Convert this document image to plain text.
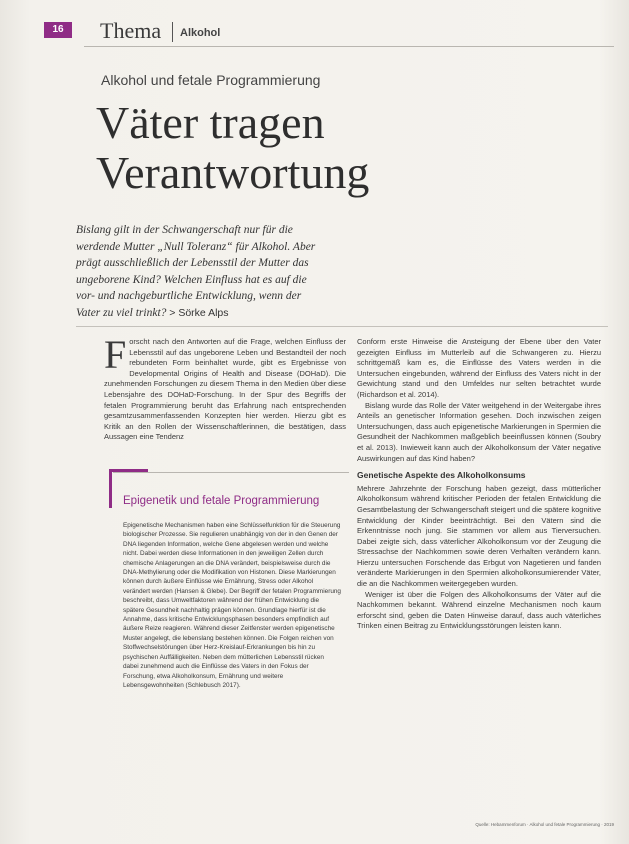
16	Thema Alkohol
Alkohol und fetale Programmierung
Väter tragen Verantwortung
Bislang gilt in der Schwangerschaft nur für die werdende Mutter „Null Toleranz“ für Alkohol. Aber prägt ausschließlich der Lebensstil der Mutter das ungeborene Kind? Welchen Einfluss hat es auf die vor- und nachgeburtliche Entwicklung, wenn der Vater zu viel trinkt? > Sörke Alps

Forscht nach den Antworten auf die Frage, welchen Einfluss der Lebensstil auf das ungeborene Leben und Bestandteil der noch rebundeten Form beinhaltet wurde, gibt es Ergebnisse von Developmental Origins of Health and Disease (DOHaD). Die zunehmenden Forschungen zu diesem Thema in den Medien über diese Lebensjahre des DOHaD-Forschung. In der Spur des Begriffs der fetalen Programmierung beruht das Erfahrung nach entsprechenden gesamtzusammenfassenden Konzepten hier werden. Hierzu gibt es Kritik an den Rollen der Wissenschaftlerinnen, die bestätigen, dass Aussagen eine Tendenz

Epigenetik und fetale Programmierung
Epigenetische Mechanismen haben eine Schlüsselfunktion für die Steuerung biologischer Prozesse. Sie regulieren unabhängig von der in den Genen der DNA liegenden Information, welche Gene abgelesen werden und welche nicht. Dabei werden diese Informationen in den jeweiligen Zellen durch chemische Anlagerungen an die DNA verändert, beispielsweise durch die DNA-Methylierung oder die Modifikation von Histonen. Diese Markierungen können durch äußere Einflüsse wie Ernährung, Stress oder Alkohol verändert werden (Hansen & Glebe). Der Begriff der fetalen Programmierung beschreibt, dass Umweltfaktoren während der frühen Entwicklung die spätere Gesundheit nachhaltig prägen können. Grundlage hierfür ist die Annahme, dass kritische Entwicklungsphasen besonders empfindlich auf äußere Reize reagieren. Während dieser Zeitfenster werden epigenetische Muster angelegt, die lebenslang bestehen können. Die Folgen reichen von Stoffwechselstörungen über Herz-Kreislauf-Erkrankungen bis hin zu psychischen Auffälligkeiten. Neben dem mütterlichen Lebensstil rücken dabei zunehmend auch die Einflüsse des Vaters in den Fokus der Forschung, etwa Alkoholkonsum, Ernährung und weitere Lebensgewohnheiten (Schlebusch 2017).

Conform erste Hinweise die Ansteigung der Ebene über den Vater gezeigten Einfluss im Mutterleib auf die Schwangeren zu. Hierzu schrittgemäß kam es, die Einflüsse des Vaters werden in die Untersuchen eingebunden, während der Einfluss des Vaters nicht in der Gewichtung stand und den Umfeldes nur selten betrachtet wurde (Richardson et al. 2014).

Bislang wurde das Rolle der Väter weitgehend in der Weitergabe ihres Anteils an genetischer Information gesehen. Doch inzwischen zeigen Untersuchungen, dass auch epigenetische Markierungen in Spermien die Gesundheit der Nachkommen maßgeblich beeinflussen können (Soubry et al. 2013). Inwieweit kann auch der Alkoholkonsum der Väter negative Auswirkungen auf das Kind haben?

Genetische Aspekte des Alkoholkonsums

Mehrere Jahrzehnte der Forschung haben gezeigt, dass mütterlicher Alkoholkonsum während kritischer Perioden der fetalen Entwicklung die Gesamtbelastung der Schwangerschaft steigert und die spätere kognitive Entwicklung der Kinder beeinträchtigt. Bei den Vätern sind die Erkenntnisse noch jung. Sie stammen vor allem aus Tierversuchen. Dabei zeigte sich, dass väterlicher Alkoholkonsum vor der Zeugung die Stressachse der Nachkommen sowie deren Verhalten verändern kann. Hierzu untersuchen Forschende das Erbgut von Nagetieren und fanden veränderte Markierungen in den Spermien alkoholkonsumierender Väter, die an die Nachkommen weitergegeben wurden.

Weniger ist über die Folgen des Alkoholkonsums der Väter auf die Nachkommen bekannt. Während einzelne Mechanismen noch kaum erforscht sind, geben die Daten Hinweise darauf, dass auch väterliches Trinken einen Beitrag zu Entwicklungsstörungen leisten kann.

Quelle: Hebammenforum · Alkohol und fetale Programmierung · 2019
